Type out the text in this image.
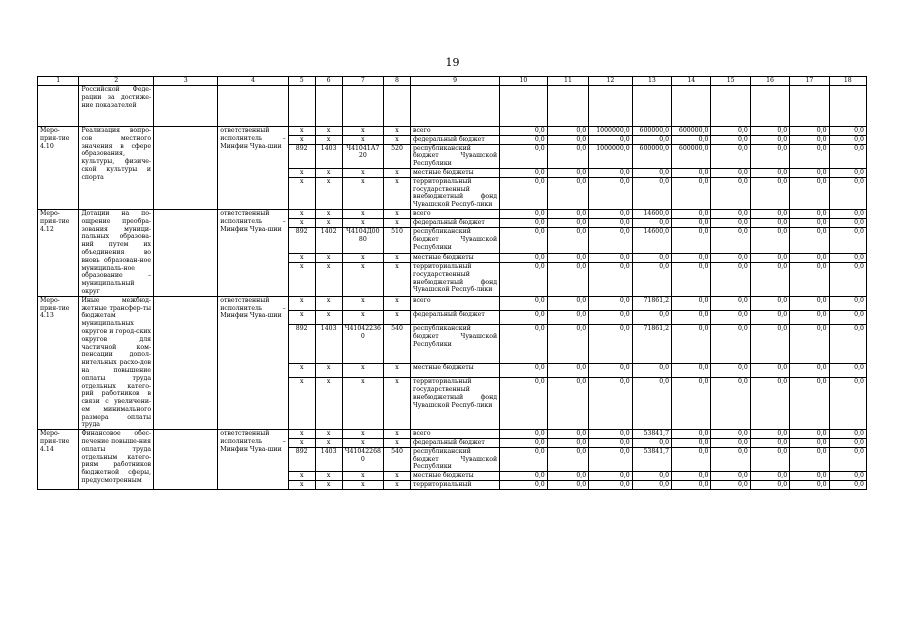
19
1	2	3	4	5	6	7	8	9	10	11	12	13	14	15	16	17	18
	Российской Феде-рации за достиже-ние показателей																
Меро-прия-тие 4.10	Реализация вопро-сов местного значения в сфере образования, культуры, физиче-ской культуры и спорта		ответственный исполнитель – Минфин Чува-шии	x	x	x	x	всего	0,0	0,0	1000000,0	600000,0	600000,0	0,0	0,0	0,0	0,0
				x	x	x	x	федеральный бюджет	0,0	0,0	0,0	0,0	0,0	0,0	0,0	0,0	0,0
				892	1403	Ч41041А720	520	республиканский бюджет Чувашской Республики	0,0	0,0	1000000,0	600000,0	600000,0	0,0	0,0	0,0	0,0
				x	x	x	x	местные бюджеты	0,0	0,0	0,0	0,0	0,0	0,0	0,0	0,0	0,0
				x	x	x	x	территориальный государственный внебюджетный фонд Чувашской Респуб-лики	0,0	0,0	0,0	0,0	0,0	0,0	0,0	0,0	0,0
Меро-прия-тие 4.12	Дотации на по-ощрение преобра-зования муници-пальных образова-ний путем их объединения во вновь образован-ное муниципаль-ное образование – муниципальный округ		ответственный исполнитель – Минфин Чува-шии	x	x	x	x	всего	0,0	0,0	0,0	14600,0	0,0	0,0	0,0	0,0	0,0
				x	x	x	x	федеральный бюджет	0,0	0,0	0,0	0,0	0,0	0,0	0,0	0,0	0,0
				892	1402	Ч4104Д0080	510	республиканский бюджет Чувашской Республики	0,0	0,0	0,0	14600,0	0,0	0,0	0,0	0,0	0,0
				x	x	x	x	местные бюджеты	0,0	0,0	0,0	0,0	0,0	0,0	0,0	0,0	0,0
				x	x	x	x	территориальный государственный внебюджетный фонд Чувашской Респуб-лики	0,0	0,0	0,0	0,0	0,0	0,0	0,0	0,0	0,0
Меро-прия-тие 4.13	Иные межбюд-жетные трансфер-ты бюджетам муниципальных округов и город-ских округов для частичной ком-пенсации допол-нительных расхо-дов на повышение оплаты труда отдельных катего-рий работников в связи с увеличени-ем минимального размера оплаты труда		ответственный исполнитель – Минфин Чува-шии	x	x	x	x	всего	0,0	0,0	0,0	71861,2	0,0	0,0	0,0	0,0	0,0
				x	x	x	x	федеральный бюджет	0,0	0,0	0,0	0,0	0,0	0,0	0,0	0,0	0,0
				892	1403	Ч410422360	540	республиканский бюджет Чувашской Республики	0,0	0,0	0,0	71861,2	0,0	0,0	0,0	0,0	0,0
				x	x	x	x	местные бюджеты	0,0	0,0	0,0	0,0	0,0	0,0	0,0	0,0	0,0
				x	x	x	x	территориальный государственный внебюджетный фонд Чувашской Респуб-лики	0,0	0,0	0,0	0,0	0,0	0,0	0,0	0,0	0,0
Меро-прия-тие 4.14	Финансовое обес-печение повыше-ния оплаты труда отдельным катего-риям работников бюджетной сферы, предусмотренным		ответственный исполнитель – Минфин Чува-шии	x	x	x	x	всего	0,0	0,0	0,0	53841,7	0,0	0,0	0,0	0,0	0,0
				x	x	x	x	федеральный бюджет	0,0	0,0	0,0	0,0	0,0	0,0	0,0	0,0	0,0
				892	1403	Ч410422680	540	республиканский бюджет Чувашской Республики	0,0	0,0	0,0	53841,7	0,0	0,0	0,0	0,0	0,0
				x	x	x	x	местные бюджеты	0,0	0,0	0,0	0,0	0,0	0,0	0,0	0,0	0,0
				x	x	x	x	территориальный	0,0	0,0	0,0	0,0	0,0	0,0	0,0	0,0	0,0
